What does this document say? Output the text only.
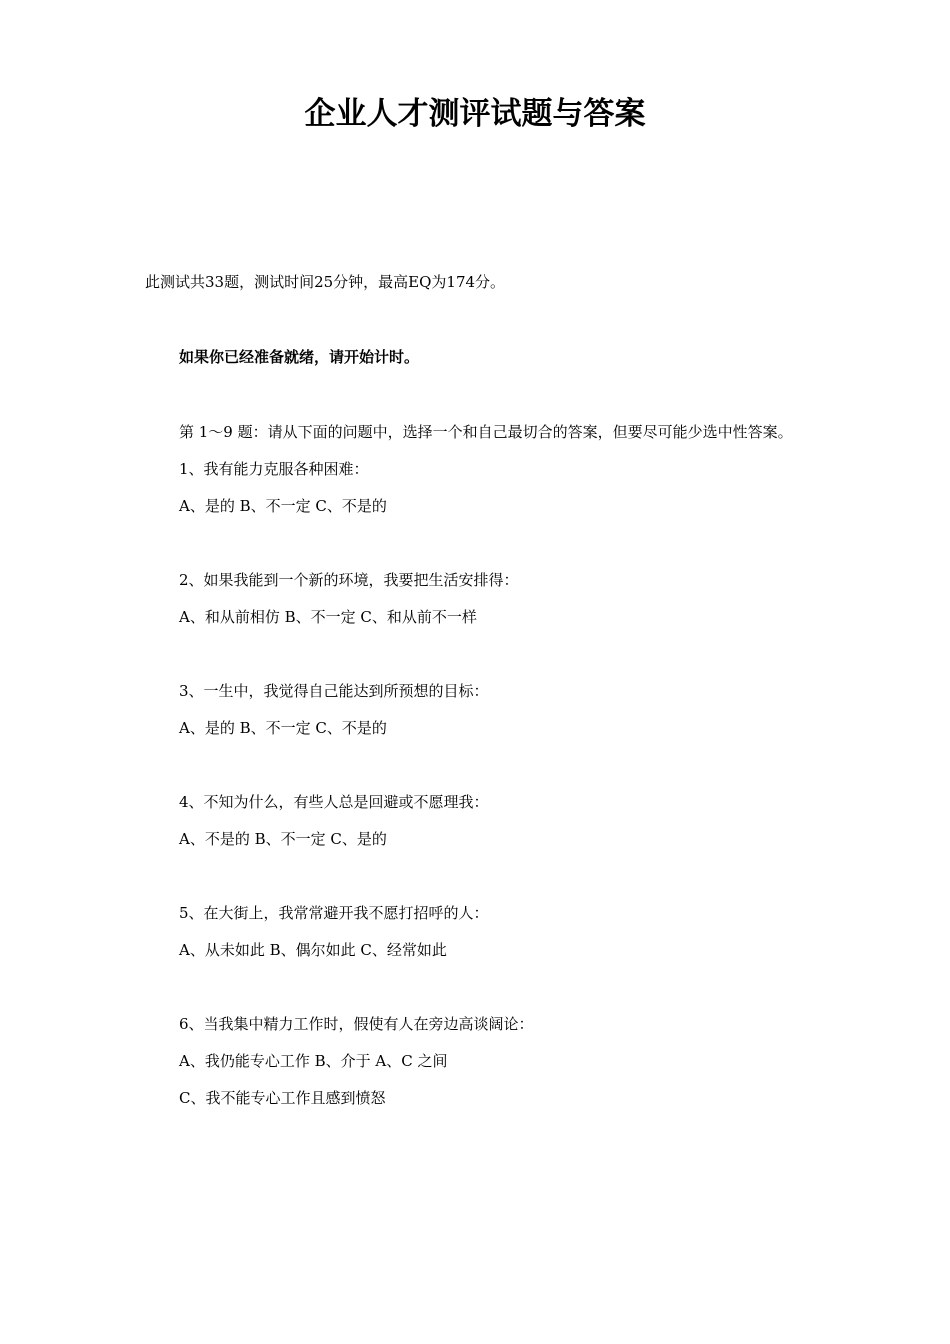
企业人才测评试题与答案

此测试共33题，测试时间25分钟，最高EQ为174分。

如果你已经准备就绪，请开始计时。

第 1～9 题：请从下面的问题中，选择一个和自己最切合的答案，但要尽可能少选中性答案。

1、我有能力克服各种困难：

A、是的 B、不一定 C、不是的

2、如果我能到一个新的环境，我要把生活安排得：

A、和从前相仿 B、不一定 C、和从前不一样

3、一生中，我觉得自己能达到所预想的目标：

A、是的 B、不一定 C、不是的

4、不知为什么，有些人总是回避或不愿理我：

A、不是的 B、不一定 C、是的

5、在大街上，我常常避开我不愿打招呼的人：

A、从未如此 B、偶尔如此 C、经常如此

6、当我集中精力工作时，假使有人在旁边高谈阔论：

A、我仍能专心工作 B、介于 A、C 之间

C、我不能专心工作且感到愤怒
